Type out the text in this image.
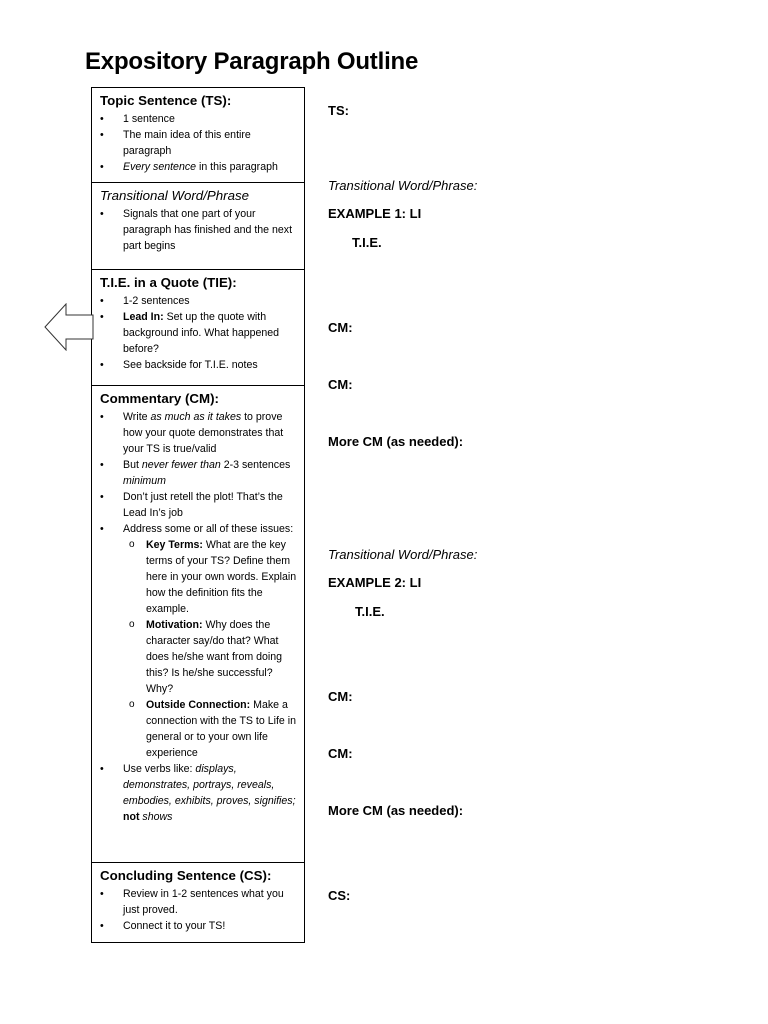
Expository Paragraph Outline
Topic Sentence (TS):
• 1 sentence
• The main idea of this entire paragraph
• Every sentence in this paragraph
Transitional Word/Phrase
• Signals that one part of your paragraph has finished and the next part begins
T.I.E. in a Quote (TIE):
• 1-2 sentences
• Lead In: Set up the quote with background info. What happened before?
• See backside for T.I.E. notes
Commentary (CM):
• Write as much as it takes to prove how your quote demonstrates that your TS is true/valid
• But never fewer than 2-3 sentences minimum
• Don’t just retell the plot! That’s the Lead In’s job
• Address some or all of these issues:
o Key Terms: What are the key terms of your TS? Define them here in your own words. Explain how the definition fits the example.
o Motivation: Why does the character say/do that? What does he/she want from doing this? Is he/she successful? Why?
o Outside Connection: Make a connection with the TS to Life in general or to your own life experience
• Use verbs like: displays, demonstrates, portrays, reveals, embodies, exhibits, proves, signifies; not shows
Concluding Sentence (CS):
• Review in 1-2 sentences what you just proved.
• Connect it to your TS!
TS:
Transitional Word/Phrase:
EXAMPLE 1: LI
T.I.E.
CM:
CM:
More CM (as needed):
Transitional Word/Phrase:
EXAMPLE 2: LI
T.I.E.
CM:
CM:
More CM (as needed):
CS:
